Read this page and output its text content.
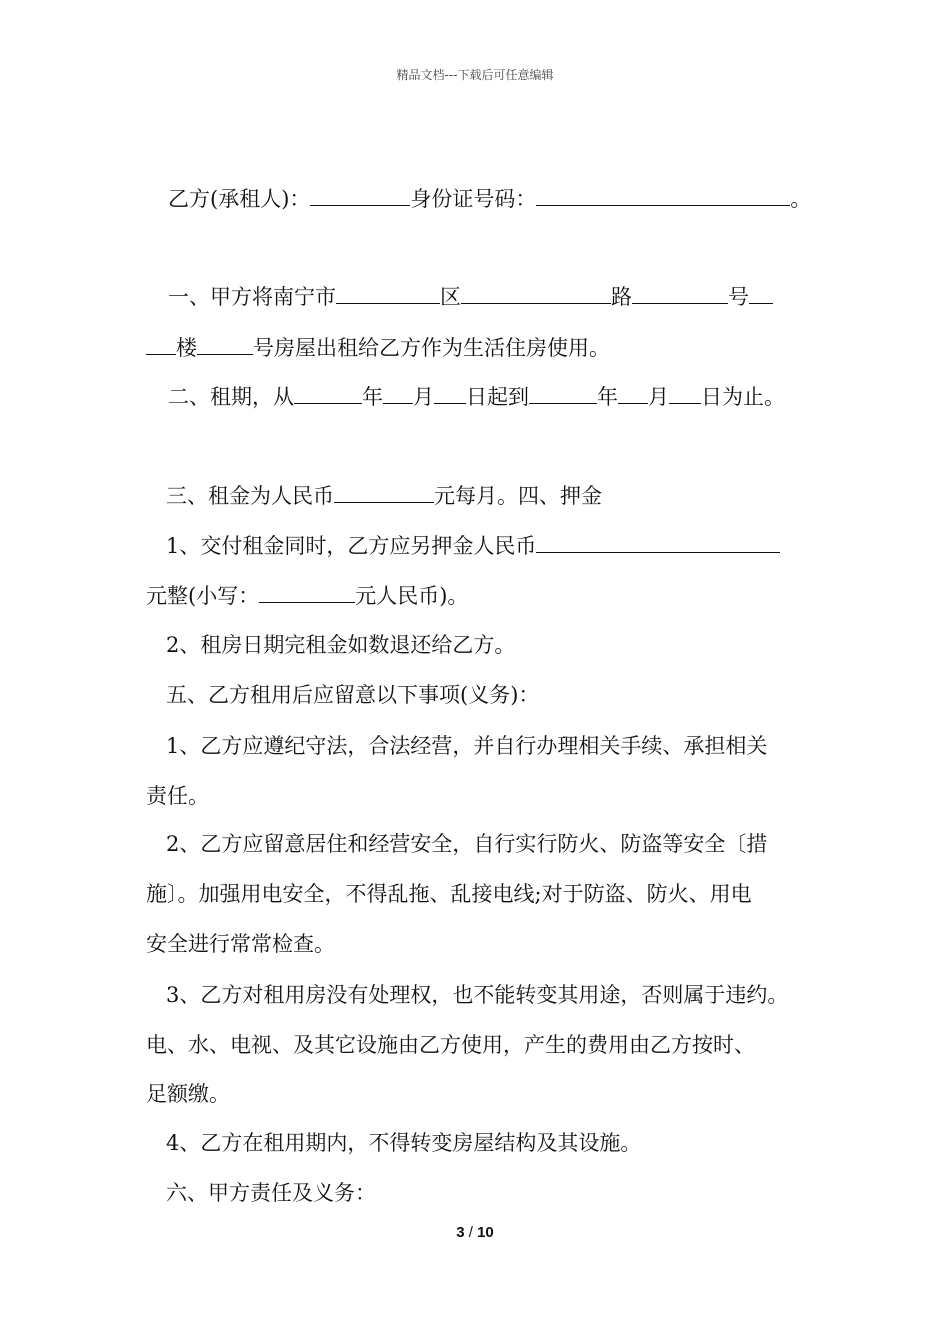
精品文档---下载后可任意编辑
乙方(承租人)：	身份证号码：	。
一、甲方将南宁市	区	路	号
楼	号房屋出租给乙方作为生活住房使用。
二、租期，从	年 月 日起到	年 月 日为止。
三、租金为人民币	元每月。四、押金
1、交付租金同时，乙方应另押金人民币
元整(小写：	元人民币)。
2、租房日期完租金如数退还给乙方。
五、乙方租用后应留意以下事项(义务)：
1、乙方应遵纪守法，合法经营，并自行办理相关手续、承担相关
责任。
2、乙方应留意居住和经营安全，自行实行防火、防盗等安全〔措
施〕。加强用电安全，不得乱拖、乱接电线;对于防盗、防火、用电
安全进行常常检查。
3、乙方对租用房没有处理权，也不能转变其用途，否则属于违约。
电、水、电视、及其它设施由乙方使用，产生的费用由乙方按时、
足额缴。
4、乙方在租用期内，不得转变房屋结构及其设施。
六、甲方责任及义务：
3 / 10
